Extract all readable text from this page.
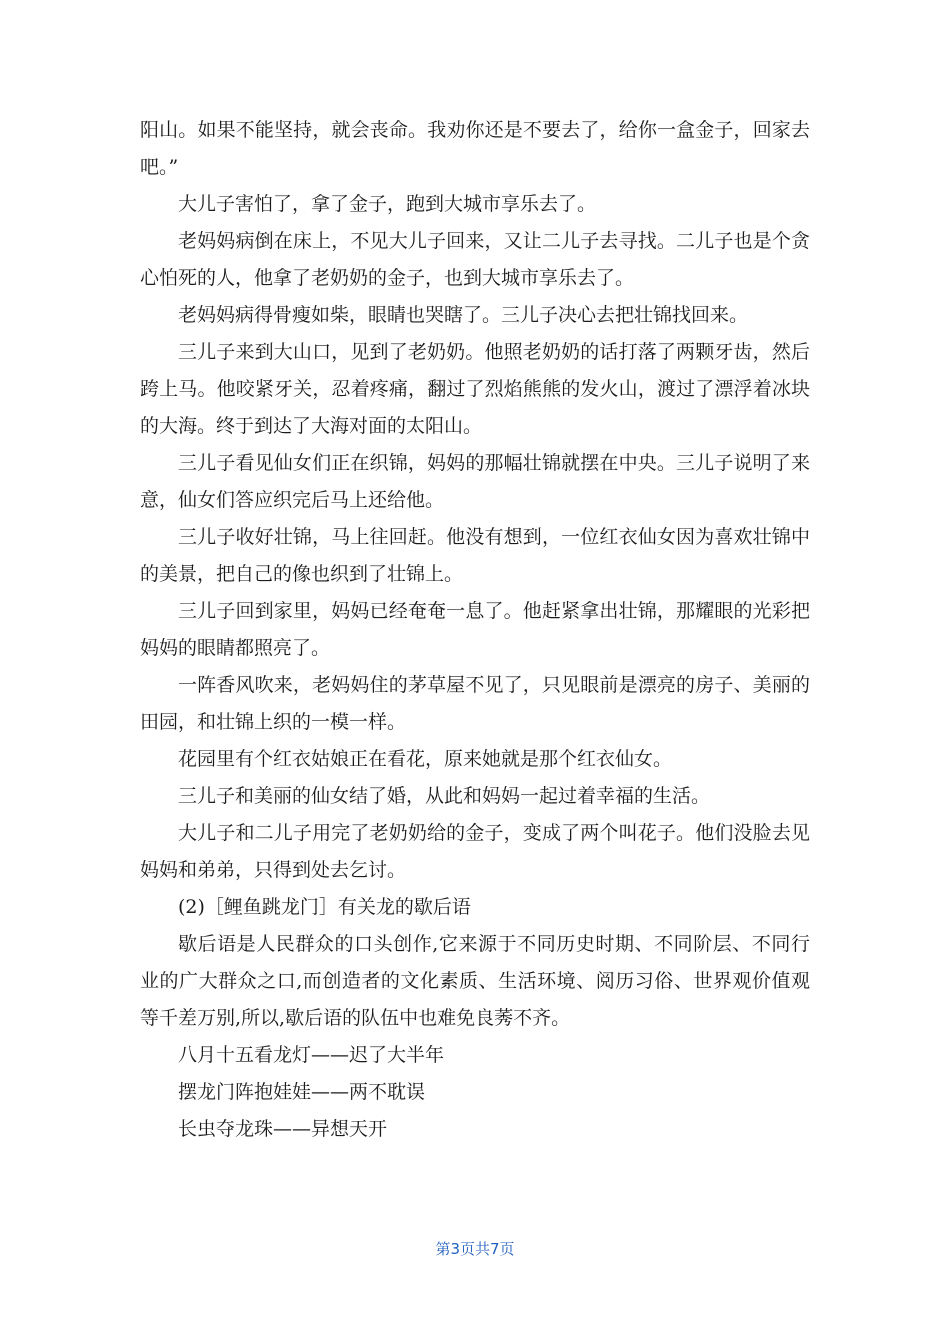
阳山。如果不能坚持，就会丧命。我劝你还是不要去了，给你一盒金子，回家去吧。”

大儿子害怕了，拿了金子，跑到大城市享乐去了。

老妈妈病倒在床上，不见大儿子回来，又让二儿子去寻找。二儿子也是个贪心怕死的人，他拿了老奶奶的金子，也到大城市享乐去了。

老妈妈病得骨瘦如柴，眼睛也哭瞎了。三儿子决心去把壮锦找回来。

三儿子来到大山口，见到了老奶奶。他照老奶奶的话打落了两颗牙齿，然后跨上马。他咬紧牙关，忍着疼痛，翻过了烈焰熊熊的发火山，渡过了漂浮着冰块的大海。终于到达了大海对面的太阳山。

三儿子看见仙女们正在织锦，妈妈的那幅壮锦就摆在中央。三儿子说明了来意，仙女们答应织完后马上还给他。

三儿子收好壮锦，马上往回赶。他没有想到，一位红衣仙女因为喜欢壮锦中的美景，把自己的像也织到了壮锦上。

三儿子回到家里，妈妈已经奄奄一息了。他赶紧拿出壮锦，那耀眼的光彩把妈妈的眼睛都照亮了。

一阵香风吹来，老妈妈住的茅草屋不见了，只见眼前是漂亮的房子、美丽的田园，和壮锦上织的一模一样。

花园里有个红衣姑娘正在看花，原来她就是那个红衣仙女。

三儿子和美丽的仙女结了婚，从此和妈妈一起过着幸福的生活。

大儿子和二儿子用完了老奶奶给的金子，变成了两个叫花子。他们没脸去见妈妈和弟弟，只得到处去乞讨。

(2)［鲤鱼跳龙门］有关龙的歇后语

歇后语是人民群众的口头创作,它来源于不同历史时期、不同阶层、不同行业的广大群众之口,而创造者的文化素质、生活环境、阅历习俗、世界观价值观等千差万别,所以,歇后语的队伍中也难免良莠不齐。

八月十五看龙灯——迟了大半年

摆龙门阵抱娃娃——两不耽误

长虫夺龙珠——异想天开

第3页共7页
